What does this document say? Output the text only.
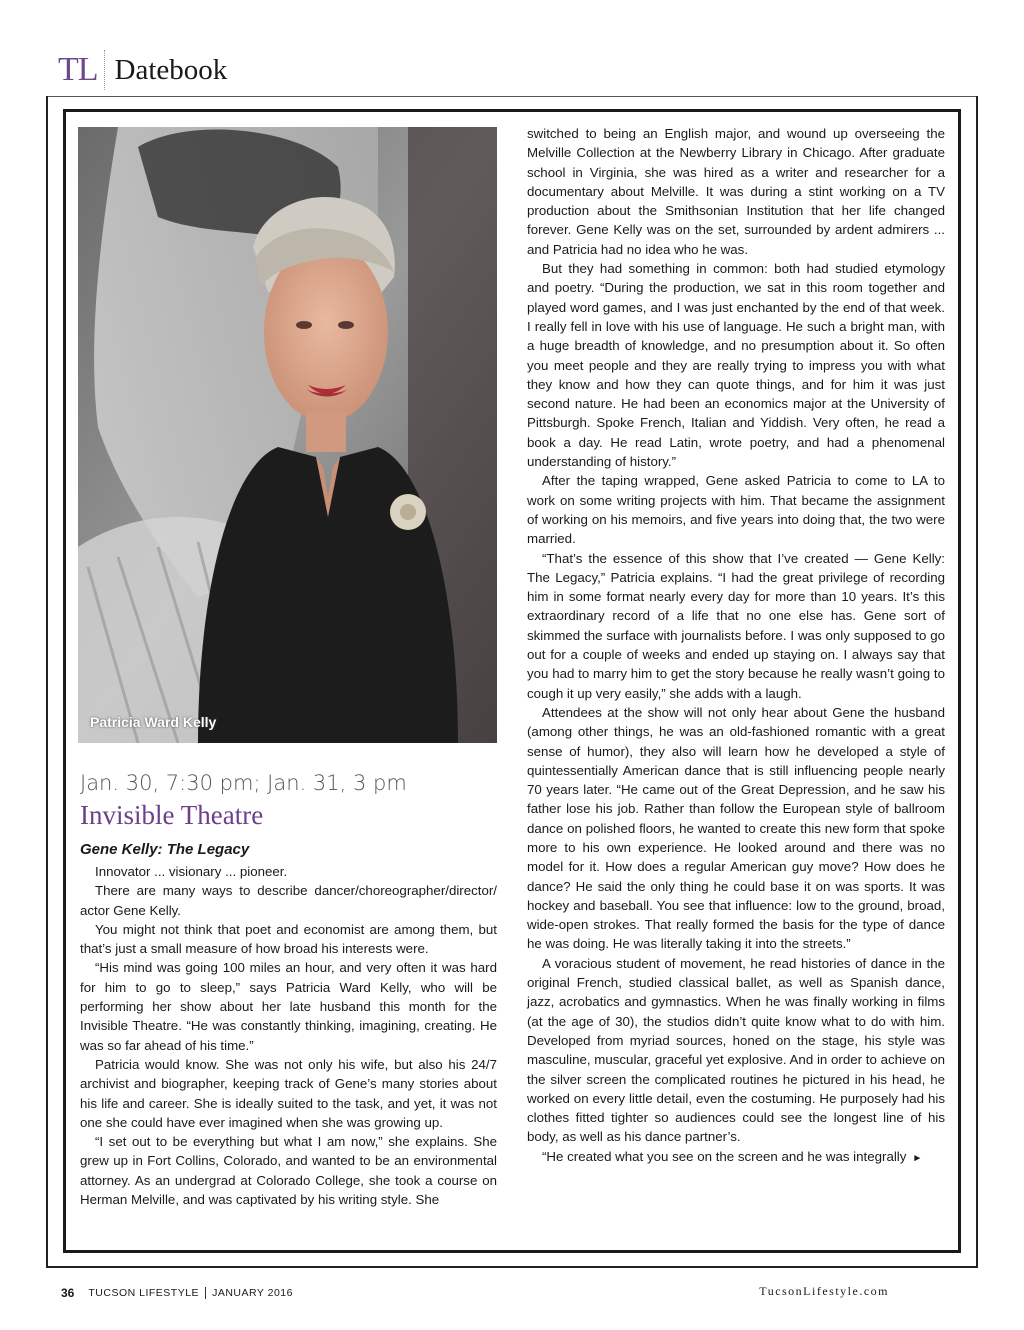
TL Datebook
Patricia Ward Kelly
Jan. 30, 7:30 pm; Jan. 31, 3 pm
Invisible Theatre
Gene Kelly: The Legacy

Innovator ... visionary ... pioneer.

There are many ways to describe dancer/choreographer/director/ actor Gene Kelly.

You might not think that poet and economist are among them, but that’s just a small measure of how broad his interests were.

“His mind was going 100 miles an hour, and very often it was hard for him to go to sleep,” says Patricia Ward Kelly, who will be performing her show about her late husband this month for the Invisible Theatre. “He was constantly thinking, imagining, creating. He was so far ahead of his time.”

Patricia would know. She was not only his wife, but also his 24/7 archivist and biographer, keeping track of Gene’s many stories about his life and career. She is ideally suited to the task, and yet, it was not one she could have ever imagined when she was growing up.

“I set out to be everything but what I am now,” she explains. She grew up in Fort Collins, Colorado, and wanted to be an environmental attorney. As an undergrad at Colorado College, she took a course on Herman Melville, and was captivated by his writing style. She

switched to being an English major, and wound up overseeing the Melville Collection at the Newberry Library in Chicago. After graduate school in Virginia, she was hired as a writer and researcher for a documentary about Melville. It was during a stint working on a TV production about the Smithsonian Institution that her life changed forever. Gene Kelly was on the set, surrounded by ardent admirers ... and Patricia had no idea who he was.

But they had something in common: both had studied etymology and poetry. “During the production, we sat in this room together and played word games, and I was just enchanted by the end of that week. I really fell in love with his use of language. He such a bright man, with a huge breadth of knowledge, and no presumption about it. So often you meet people and they are really trying to impress you with what they know and how they can quote things, and for him it was just second nature. He had been an economics major at the University of Pittsburgh. Spoke French, Italian and Yiddish. Very often, he read a book a day. He read Latin, wrote poetry, and had a phenomenal understanding of history.”

After the taping wrapped, Gene asked Patricia to come to LA to work on some writing projects with him. That became the assignment of working on his memoirs, and five years into doing that, the two were married.

“That’s the essence of this show that I’ve created — Gene Kelly: The Legacy,” Patricia explains. “I had the great privilege of recording him in some format nearly every day for more than 10 years. It’s this extraordinary record of a life that no one else has. Gene sort of skimmed the surface with journalists before. I was only supposed to go out for a couple of weeks and ended up staying on. I always say that you had to marry him to get the story because he really wasn’t going to cough it up very easily,” she adds with a laugh.

Attendees at the show will not only hear about Gene the husband (among other things, he was an old-fashioned romantic with a great sense of humor), they also will learn how he developed a style of quintessentially American dance that is still influencing people nearly 70 years later. “He came out of the Great Depression, and he saw his father lose his job. Rather than follow the European style of ballroom dance on polished floors, he wanted to create this new form that spoke more to his own experience. He looked around and there was no model for it. How does a regular American guy move? How does he dance? He said the only thing he could base it on was sports. It was hockey and baseball. You see that influence: low to the ground, broad, wide-open strokes. That really formed the basis for the type of dance he was doing. He was literally taking it into the streets.”

A voracious student of movement, he read histories of dance in the original French, studied classical ballet, as well as Spanish dance, jazz, acrobatics and gymnastics. When he was finally working in films (at the age of 30), the studios didn’t quite know what to do with him. Developed from myriad sources, honed on the stage, his style was masculine, muscular, graceful yet explosive. And in order to achieve on the silver screen the complicated routines he pictured in his head, he worked on every little detail, even the costuming. He purposely had his clothes fitted tighter so audiences could see the longest line of his body, as well as his dance partner’s.

“He created what you see on the screen and he was integrally ►

36 TUCSON LIFESTYLE JANUARY 2016	TucsonLifestyle.com
